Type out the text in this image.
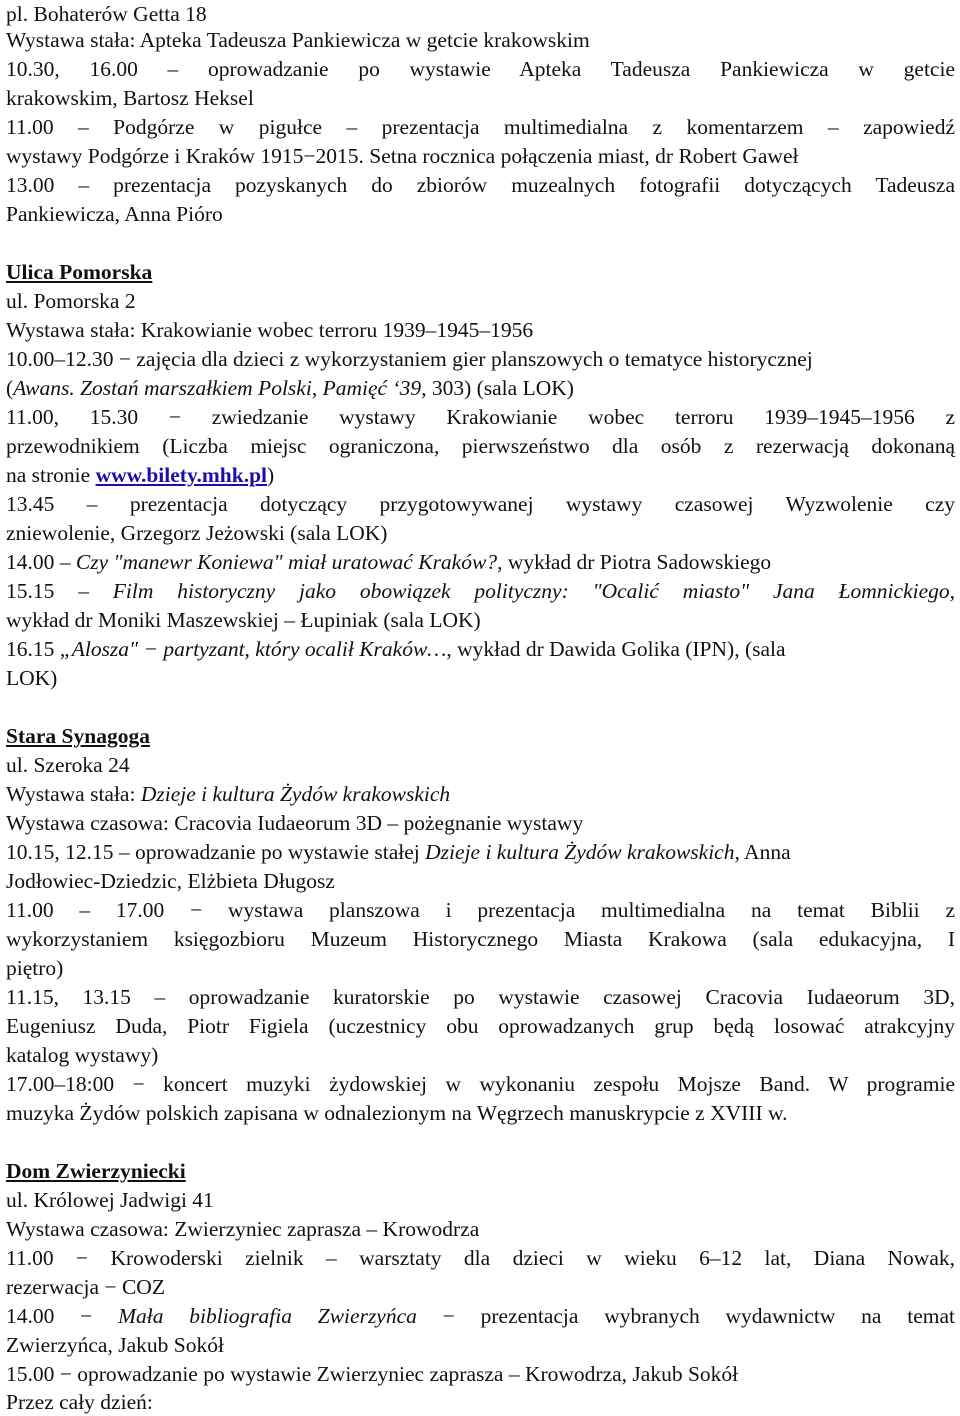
pl. Bohaterów Getta 18
Wystawa stała: Apteka Tadeusza Pankiewicza w getcie krakowskim
10.30, 16.00 – oprowadzanie po wystawie Apteka Tadeusza Pankiewicza w getcie
krakowskim, Bartosz Heksel
11.00 – Podgórze w pigułce – prezentacja multimedialna z komentarzem – zapowiedź
wystawy Podgórze i Kraków 1915−2015. Setna rocznica połączenia miast, dr Robert Gaweł
13.00 – prezentacja pozyskanych do zbiorów muzealnych fotografii dotyczących Tadeusza
Pankiewicza, Anna Pióro
Ulica Pomorska
ul. Pomorska 2
Wystawa stała: Krakowianie wobec terroru 1939–1945–1956
10.00–12.30 − zajęcia dla dzieci z wykorzystaniem gier planszowych o tematyce historycznej
(Awans. Zostań marszałkiem Polski, Pamięć ‘39, 303) (sala LOK)
11.00, 15.30 − zwiedzanie wystawy Krakowianie wobec terroru 1939–1945–1956 z
przewodnikiem (Liczba miejsc ograniczona, pierwszeństwo dla osób z rezerwacją dokonaną
na stronie www.bilety.mhk.pl)
13.45 – prezentacja dotyczący przygotowywanej wystawy czasowej Wyzwolenie czy
zniewolenie, Grzegorz Jeżowski (sala LOK)
14.00 – Czy "manewr Koniewa" miał uratować Kraków?, wykład dr Piotra Sadowskiego
15.15 – Film historyczny jako obowiązek polityczny: "Ocalić miasto" Jana Łomnickiego,
wykład dr Moniki Maszewskiej – Łupiniak (sala LOK)
16.15 „Alosza" − partyzant, który ocalił Kraków…, wykład dr Dawida Golika (IPN), (sala
LOK)
Stara Synagoga
ul. Szeroka 24
Wystawa stała: Dzieje i kultura Żydów krakowskich
Wystawa czasowa: Cracovia Iudaeorum 3D – pożegnanie wystawy
10.15, 12.15 – oprowadzanie po wystawie stałej Dzieje i kultura Żydów krakowskich, Anna
Jodłowiec-Dziedzic, Elżbieta Długosz
11.00 – 17.00 − wystawa planszowa i prezentacja multimedialna na temat Biblii z
wykorzystaniem księgozbioru Muzeum Historycznego Miasta Krakowa (sala edukacyjna, I
piętro)
11.15, 13.15 – oprowadzanie kuratorskie po wystawie czasowej Cracovia Iudaeorum 3D,
Eugeniusz Duda, Piotr Figiela (uczestnicy obu oprowadzanych grup będą losować atrakcyjny
katalog wystawy)
17.00–18:00 − koncert muzyki żydowskiej w wykonaniu zespołu Mojsze Band. W programie
muzyka Żydów polskich zapisana w odnalezionym na Węgrzech manuskrypcie z XVIII w.
Dom Zwierzyniecki
ul. Królowej Jadwigi 41
Wystawa czasowa: Zwierzyniec zaprasza – Krowodrza
11.00 − Krowoderski zielnik – warsztaty dla dzieci w wieku 6–12 lat, Diana Nowak,
rezerwacja − COZ
14.00 − Mała bibliografia Zwierzyńca − prezentacja wybranych wydawnictw na temat
Zwierzyńca, Jakub Sokół
15.00 − oprowadzanie po wystawie Zwierzyniec zaprasza – Krowodrza, Jakub Sokół
Przez cały dzień:
